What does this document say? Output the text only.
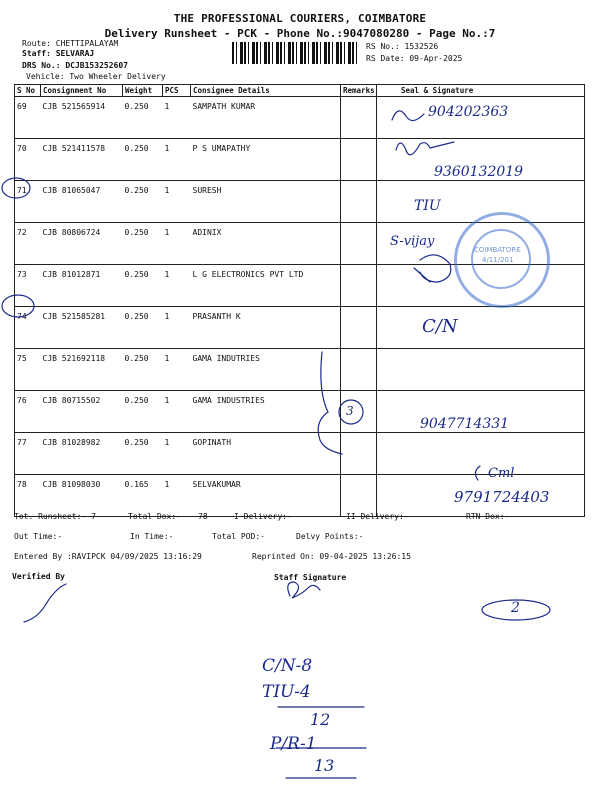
THE PROFESSIONAL COURIERS, COIMBATORE
Delivery Runsheet - PCK - Phone No.:9047080280 - Page No.:7
Route: CHETTIPALAYAM
Staff: SELVARAJ
DRS No.: DCJB153252607
Vehicle: Two Wheeler Delivery
RS No.: 1532526
RS Date: 09-Apr-2025
S No	Consignment No	Weight	PCS	Consignee Details	Remarks	Seal & Signature
69	CJB 521565914	0.250	1	SAMPATH KUMAR		
70	CJB 521411578	0.250	1	P S UMAPATHY		
71	CJB 81065047	0.250	1	SURESH		
72	CJB 80806724	0.250	1	ADINIX		
73	CJB 81012871	0.250	1	L G ELECTRONICS PVT LTD		
74	CJB 521585281	0.250	1	PRASANTH K		
75	CJB 521692118	0.250	1	GAMA INDUTRIES		
76	CJB 80715502	0.250	1	GAMA INDUSTRIES		
77	CJB 81028982	0.250	1	GOPINATH		
78	CJB 81098030	0.165	1	SELVAKUMAR		
Tot. Runsheet:- 7	Total Dox:- 78	I Delivery:-	II Delivery:-	RTN Dox:-
Out Time:-	In Time:-	Total POD:-	Delvy Points:-
Entered By :RAVIPCK 04/09/2025 13:16:29	Reprinted On: 09-04-2025 13:26:15
Verified By	Staff Signature
COIMBATORE
4/11/201
904202363
9360132019
TIU
S-vijay
C/N
3
9047714331
Cml
9791724403
2
C/N-8
TIU-4
12
P/R-1
13
